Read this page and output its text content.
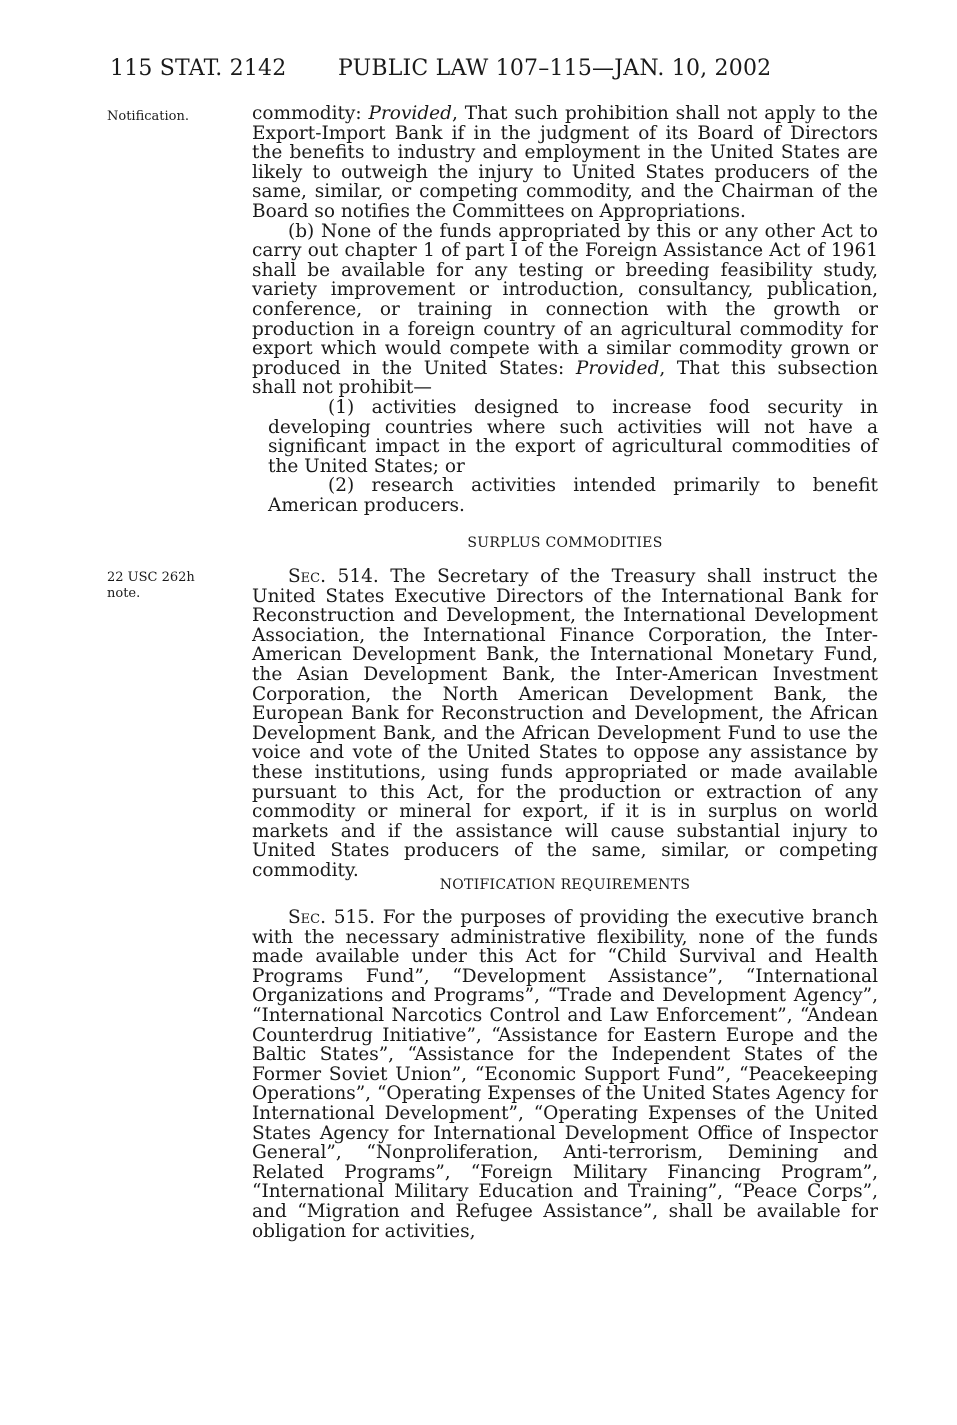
115 STAT. 2142 PUBLIC LAW 107–115—JAN. 10, 2002
Notification.	commodity: Provided, That such prohibition shall not apply to the Export-Import Bank if in the judgment of its Board of Directors the benefits to industry and employment in the United States are likely to outweigh the injury to United States producers of the same, similar, or competing commodity, and the Chairman of the Board so notifies the Committees on Appropriations.

(b) None of the funds appropriated by this or any other Act to carry out chapter 1 of part I of the Foreign Assistance Act of 1961 shall be available for any testing or breeding feasibility study, variety improvement or introduction, consultancy, publication, conference, or training in connection with the growth or production in a foreign country of an agricultural commodity for export which would compete with a similar commodity grown or produced in the United States: Provided, That this subsection shall not prohibit—

(1) activities designed to increase food security in developing countries where such activities will not have a significant impact in the export of agricultural commodities of the United States; or

(2) research activities intended primarily to benefit American producers.

SURPLUS COMMODITIES

22 USC 262h note.

Sec. 514. The Secretary of the Treasury shall instruct the United States Executive Directors of the International Bank for Reconstruction and Development, the International Development Association, the International Finance Corporation, the Inter-American Development Bank, the International Monetary Fund, the Asian Development Bank, the Inter-American Investment Corporation, the North American Development Bank, the European Bank for Reconstruction and Development, the African Development Bank, and the African Development Fund to use the voice and vote of the United States to oppose any assistance by these institutions, using funds appropriated or made available pursuant to this Act, for the production or extraction of any commodity or mineral for export, if it is in surplus on world markets and if the assistance will cause substantial injury to United States producers of the same, similar, or competing commodity.

NOTIFICATION REQUIREMENTS

Sec. 515. For the purposes of providing the executive branch with the necessary administrative flexibility, none of the funds made available under this Act for “Child Survival and Health Programs Fund”, “Development Assistance”, “International Organizations and Programs”, “Trade and Development Agency”, “International Narcotics Control and Law Enforcement”, “Andean Counterdrug Initiative”, “Assistance for Eastern Europe and the Baltic States”, “Assistance for the Independent States of the Former Soviet Union”, “Economic Support Fund”, “Peacekeeping Operations”, “Operating Expenses of the United States Agency for International Development”, “Operating Expenses of the United States Agency for International Development Office of Inspector General”, “Nonproliferation, Anti-terrorism, Demining and Related Programs”, “Foreign Military Financing Program”, “International Military Education and Training”, “Peace Corps”, and “Migration and Refugee Assistance”, shall be available for obligation for activities,
